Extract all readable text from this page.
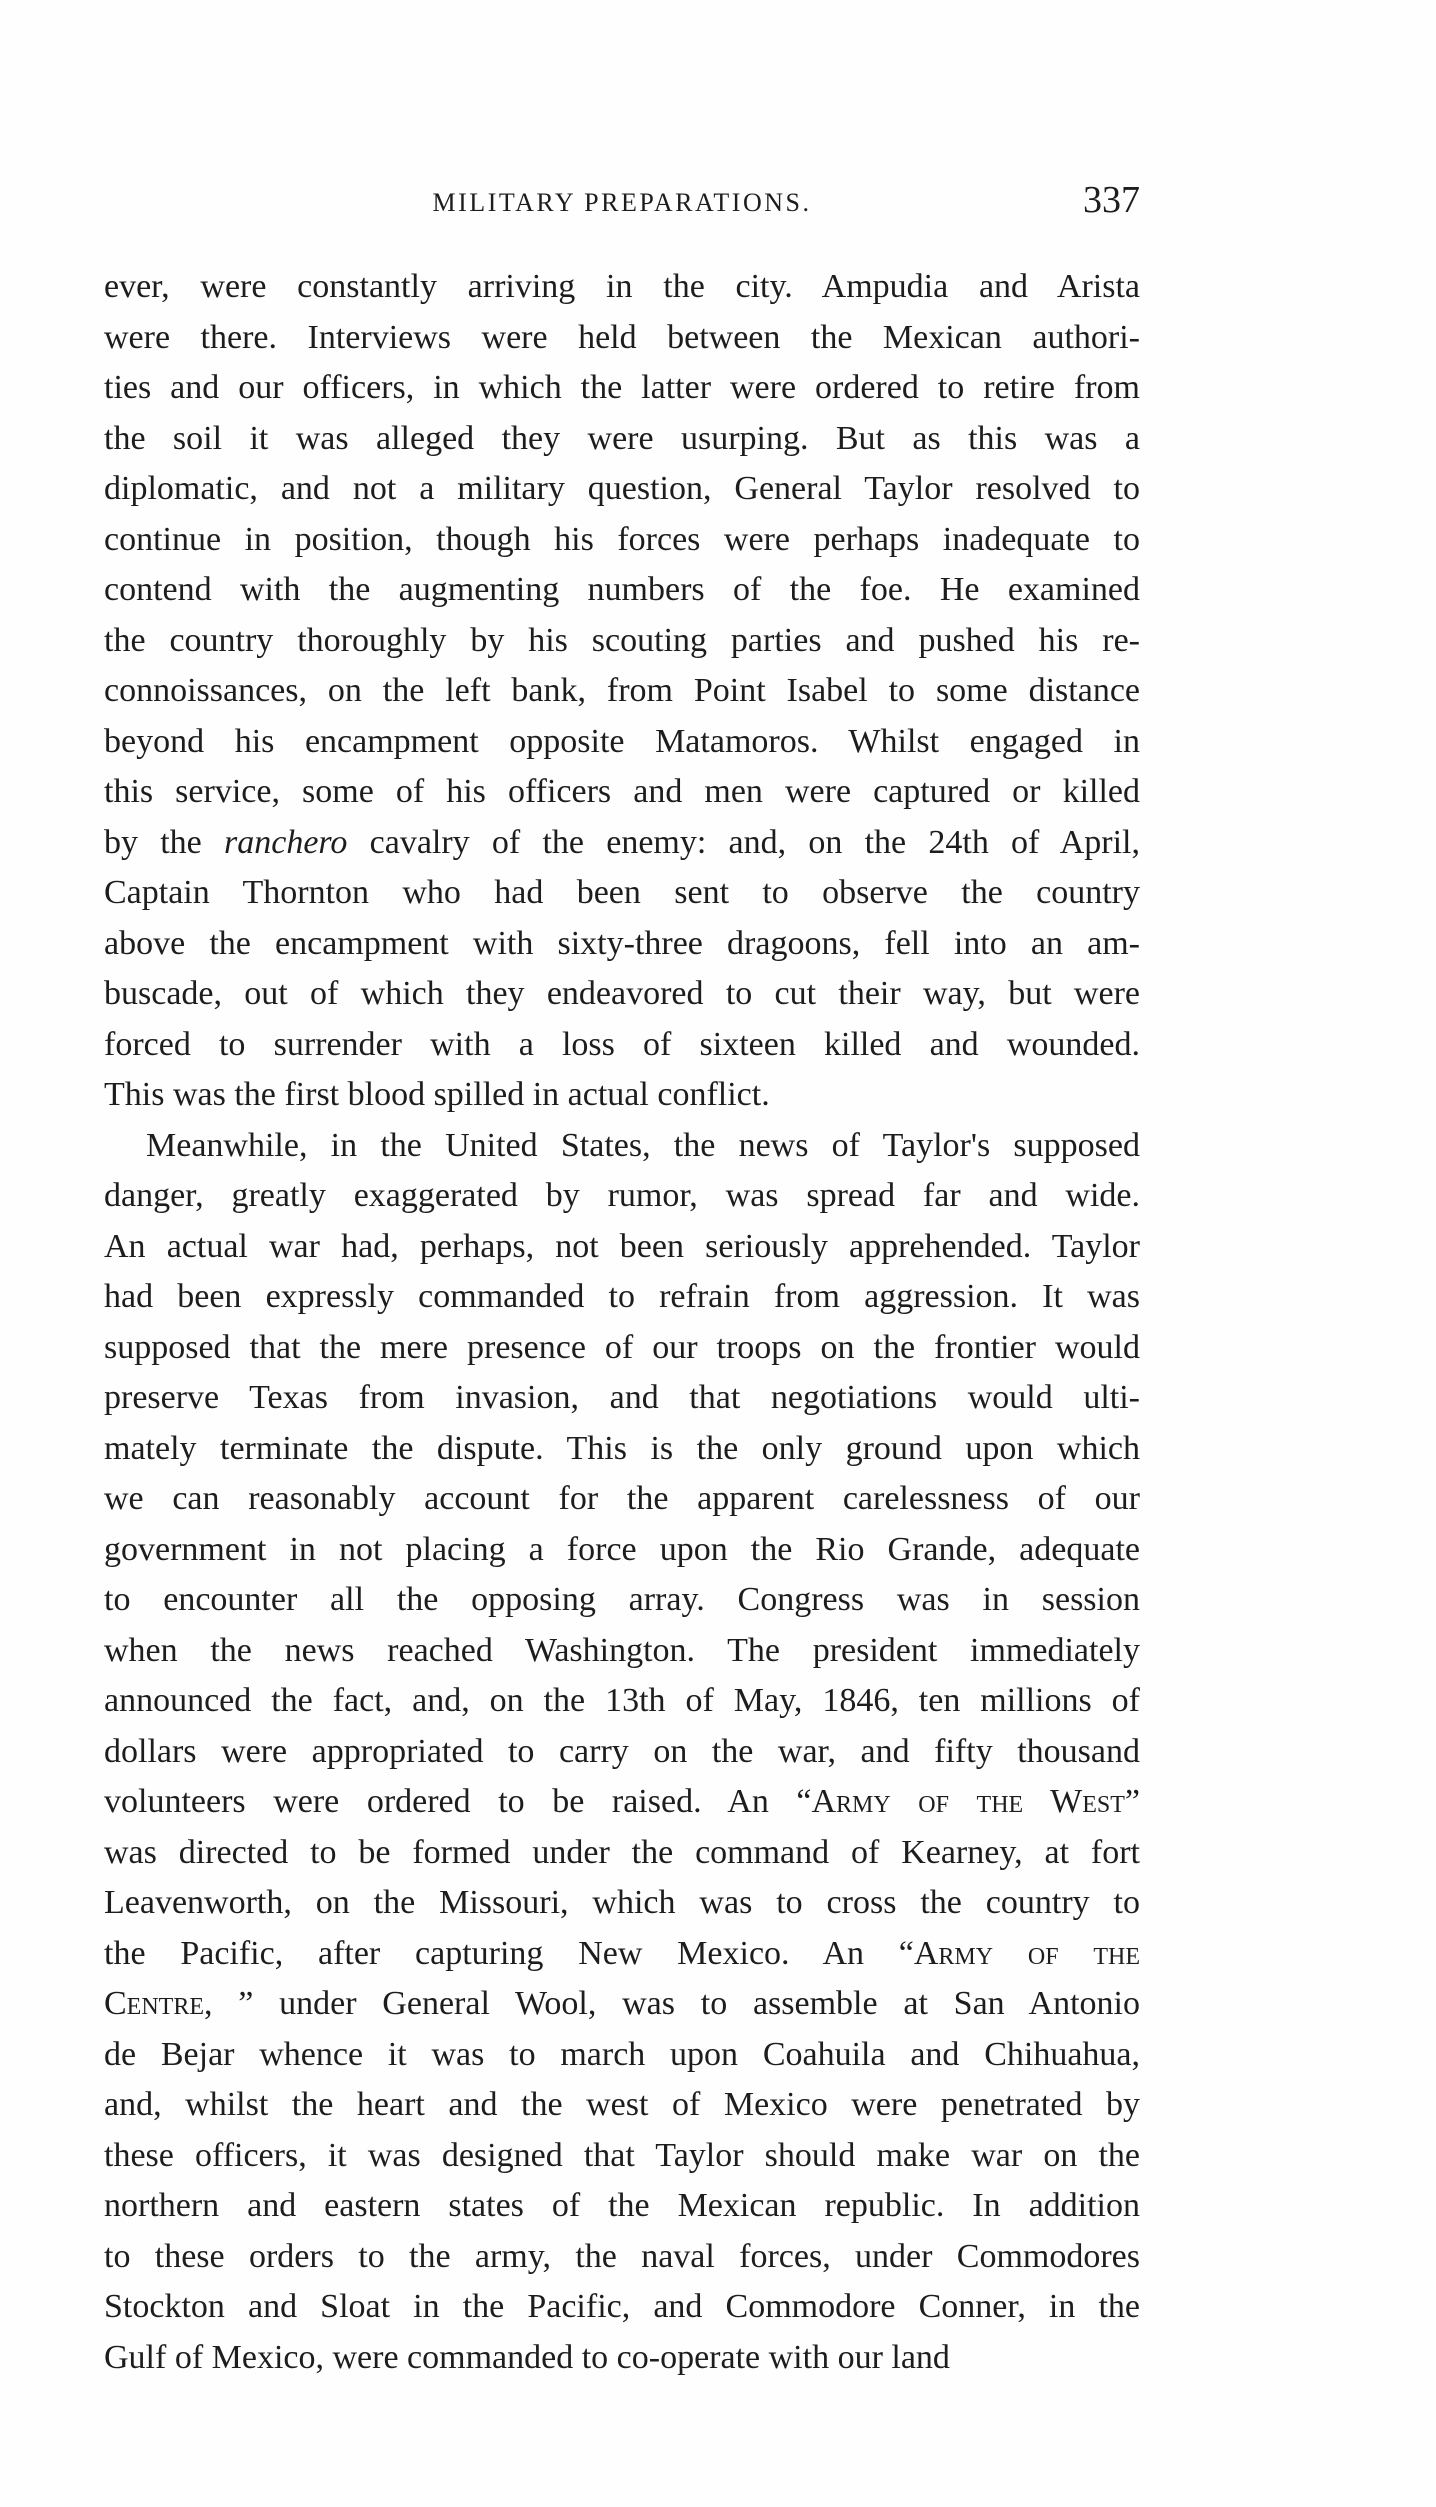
MILITARY PREPARATIONS.	337
ever, were constantly arriving in the city. Ampudia and Arista
were there. Interviews were held between the Mexican authori-
ties and our officers, in which the latter were ordered to retire from
the soil it was alleged they were usurping. But as this was a
diplomatic, and not a military question, General Taylor resolved to
continue in position, though his forces were perhaps inadequate to
contend with the augmenting numbers of the foe. He examined
the country thoroughly by his scouting parties and pushed his re-
connoissances, on the left bank, from Point Isabel to some distance
beyond his encampment opposite Matamoros. Whilst engaged in
this service, some of his officers and men were captured or killed
by the ranchero cavalry of the enemy: and, on the 24th of April,
Captain Thornton who had been sent to observe the country
above the encampment with sixty-three dragoons, fell into an am-
buscade, out of which they endeavored to cut their way, but were
forced to surrender with a loss of sixteen killed and wounded.
This was the first blood spilled in actual conflict.
Meanwhile, in the United States, the news of Taylor's supposed
danger, greatly exaggerated by rumor, was spread far and wide.
An actual war had, perhaps, not been seriously apprehended. Taylor
had been expressly commanded to refrain from aggression. It was
supposed that the mere presence of our troops on the frontier would
preserve Texas from invasion, and that negotiations would ulti-
mately terminate the dispute. This is the only ground upon which
we can reasonably account for the apparent carelessness of our
government in not placing a force upon the Rio Grande, adequate
to encounter all the opposing array. Congress was in session
when the news reached Washington. The president immediately
announced the fact, and, on the 13th of May, 1846, ten millions of
dollars were appropriated to carry on the war, and fifty thousand
volunteers were ordered to be raised. An “Army of the West”
was directed to be formed under the command of Kearney, at fort
Leavenworth, on the Missouri, which was to cross the country to
the Pacific, after capturing New Mexico. An “Army of the
Centre, ” under General Wool, was to assemble at San Antonio
de Bejar whence it was to march upon Coahuila and Chihuahua,
and, whilst the heart and the west of Mexico were penetrated by
these officers, it was designed that Taylor should make war on the
northern and eastern states of the Mexican republic. In addition
to these orders to the army, the naval forces, under Commodores
Stockton and Sloat in the Pacific, and Commodore Conner, in the
Gulf of Mexico, were commanded to co-operate with our land
